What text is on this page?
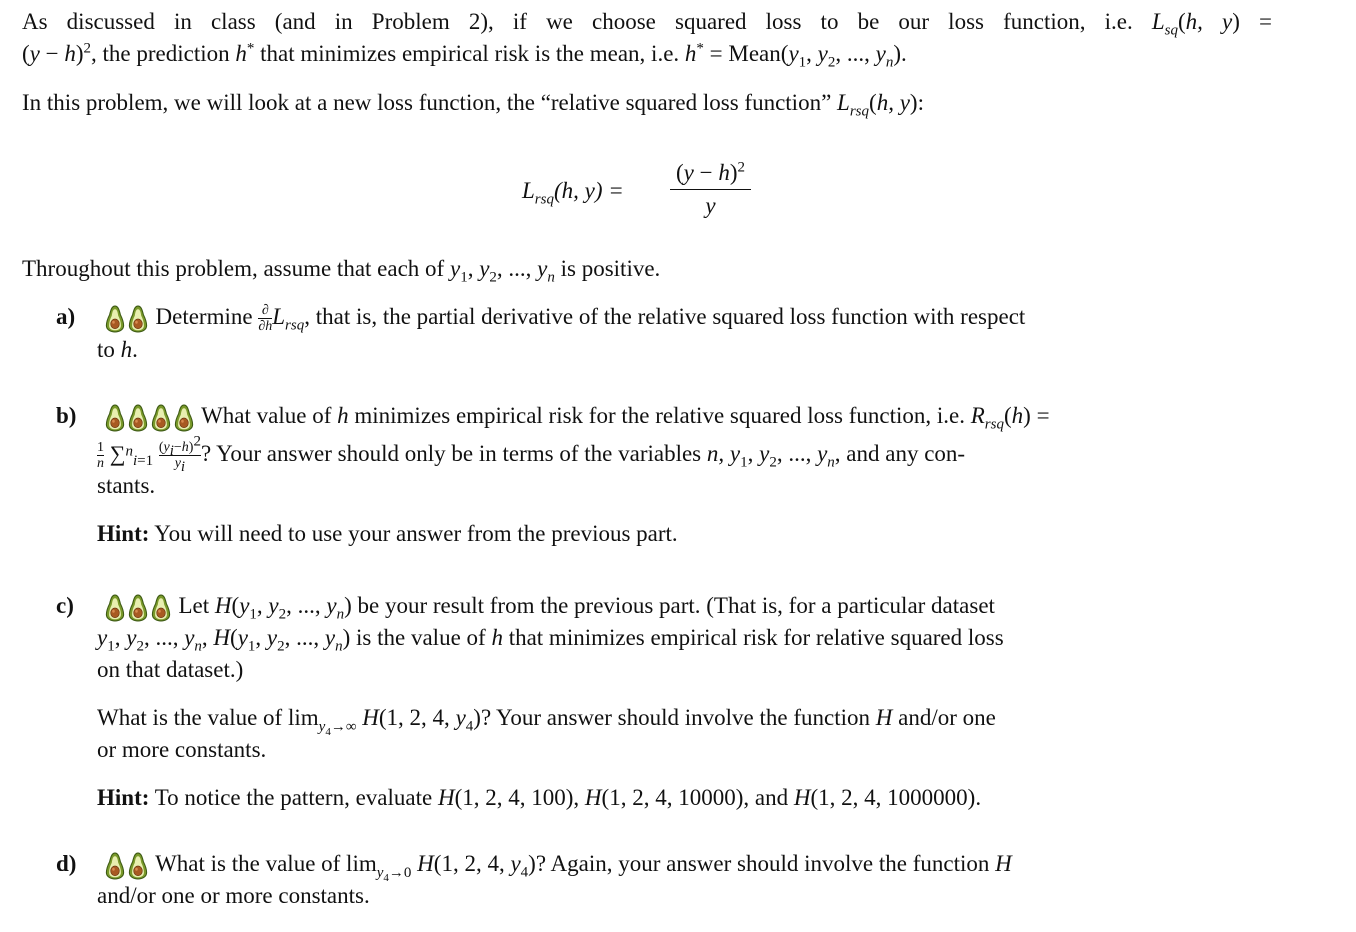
As discussed in class (and in Problem 2), if we choose squared loss to be our loss function, i.e. $L_{sq}(h$, y) =
$(y - h)^2$, the prediction h* that minimizes empirical risk is the mean, i.e. $h^* = Mean(y_1$, $y_2$, ..., $y_n$).
In this problem, we will look at a new loss function, the “relative squared loss function” $L_{rsq}(h$, y):
$L_{rsq}(h$, $y) = \frac{(y - h)^2}{y}$
Throughout this problem, assume that each of $y_1$, $y_2$, ..., $y_n$ is positive.
a)	Determine $\frac{\partial}{\partial h} L_{rsq}$, that is, the partial derivative of the relative squared loss function with respect
to h.
b)	What value of h minimizes empirical risk for the relative squared loss function, i.e. $R_{rsq}(h)$ =
$\frac{1}{n} \sum^n_{i=1} \frac{(y_i-h)^2}{y_i}$ ? Your answer should only be in terms of the variables n, $y_1$, $y_2$, ..., $y_n$, and any con-
stants.
Hint: You will need to use your answer from the previous part.
c)	Let $H(y_1$, $y_2$, ..., $y_n$) be your result from the previous part. (That is, for a particular dataset
$y_1$, $y_2$, ..., $y_n$, $H(y_1$, $y_2$, ..., $y_n$) is the value of h that minimizes empirical risk for relative squared loss
on that dataset.)
What is the value of $\lim_{y_4\to\infty} H(1$, 2, 4, $y_4$)? Your answer should involve the function H and/or one
or more constants.
Hint: To notice the pattern, evaluate H(1, 2, 4, 100), H(1, 2, 4, 10000), and H(1, 2, 4, 1000000).
d)	What is the value of $\lim_{y_4\to 0} H(1$, 2, 4, $y_4$)? Again, your answer should involve the function H
and/or one or more constants.
